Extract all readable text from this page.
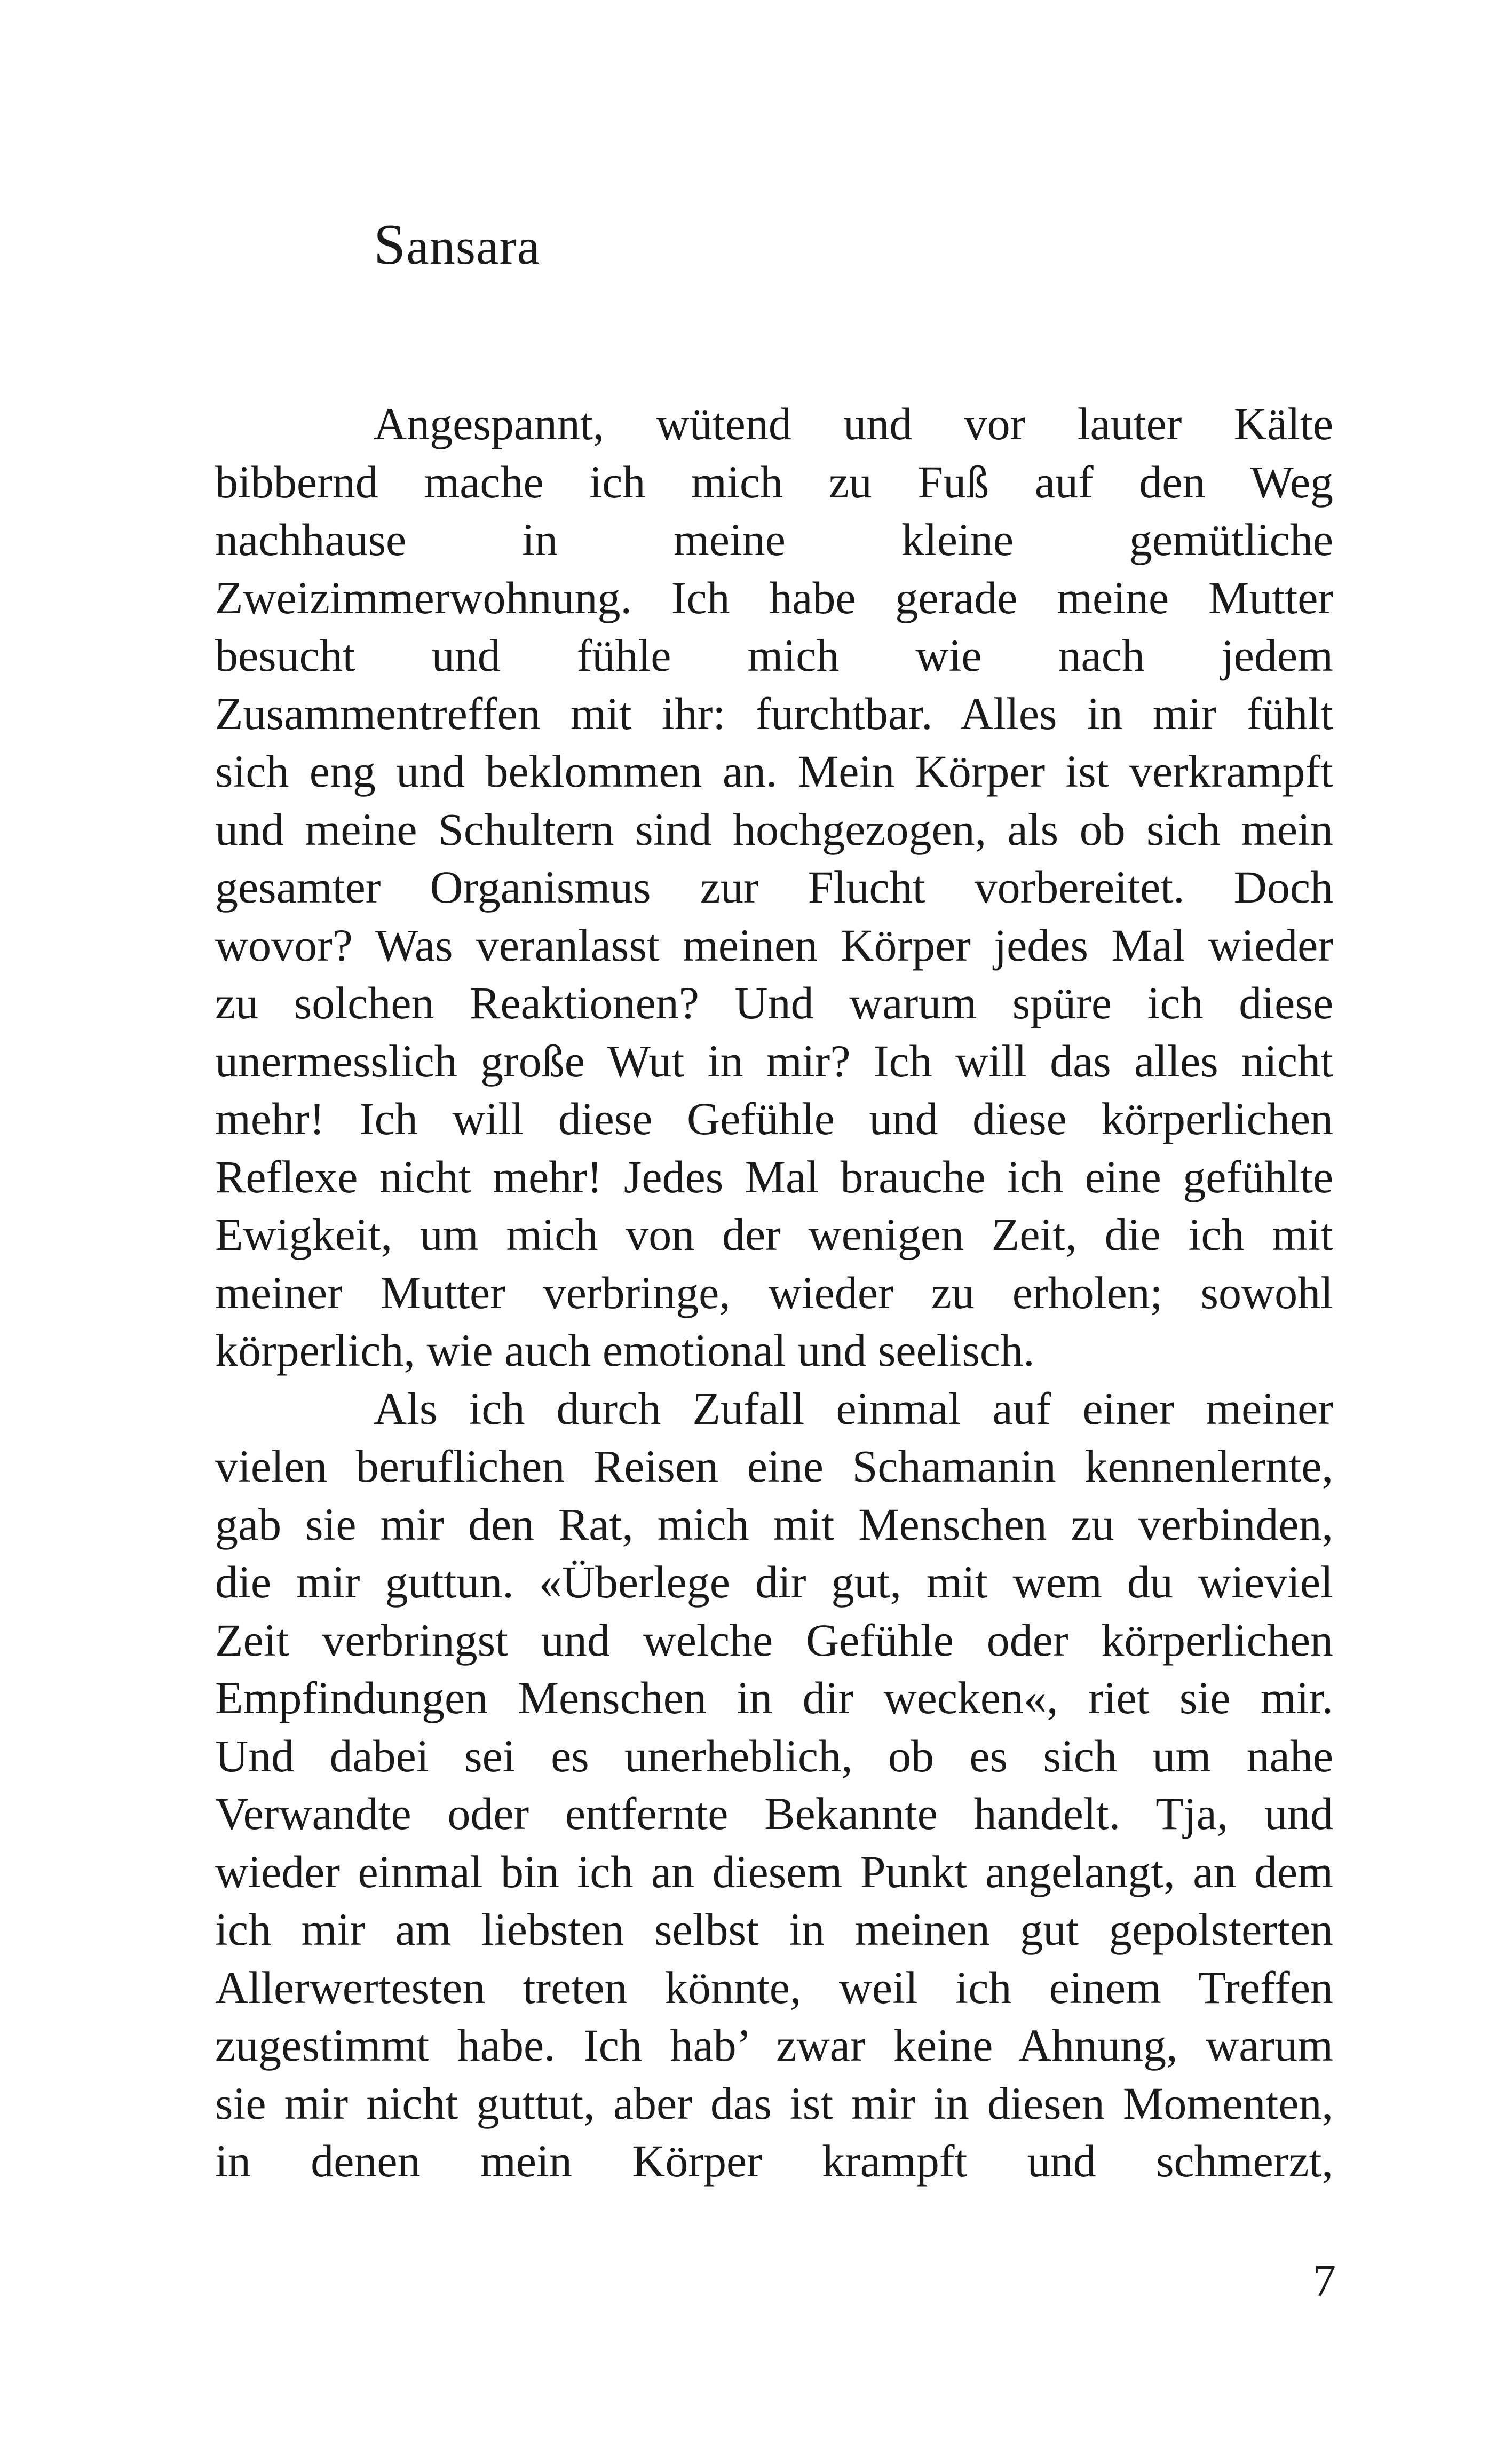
Sansara
Angespannt, wütend und vor lauter Kälte
bibbernd mache ich mich zu Fuß auf den Weg
nachhause in meine kleine gemütliche
Zweizimmerwohnung. Ich habe gerade meine Mutter
besucht und fühle mich wie nach jedem
Zusammentreffen mit ihr: furchtbar. Alles in mir fühlt
sich eng und beklommen an. Mein Körper ist verkrampft
und meine Schultern sind hochgezogen, als ob sich mein
gesamter Organismus zur Flucht vorbereitet. Doch
wovor? Was veranlasst meinen Körper jedes Mal wieder
zu solchen Reaktionen? Und warum spüre ich diese
unermesslich große Wut in mir? Ich will das alles nicht
mehr! Ich will diese Gefühle und diese körperlichen
Reflexe nicht mehr! Jedes Mal brauche ich eine gefühlte
Ewigkeit, um mich von der wenigen Zeit, die ich mit
meiner Mutter verbringe, wieder zu erholen; sowohl
körperlich, wie auch emotional und seelisch.
Als ich durch Zufall einmal auf einer meiner
vielen beruflichen Reisen eine Schamanin kennenlernte,
gab sie mir den Rat, mich mit Menschen zu verbinden,
die mir guttun. «Überlege dir gut, mit wem du wieviel
Zeit verbringst und welche Gefühle oder körperlichen
Empfindungen Menschen in dir wecken«, riet sie mir.
Und dabei sei es unerheblich, ob es sich um nahe
Verwandte oder entfernte Bekannte handelt. Tja, und
wieder einmal bin ich an diesem Punkt angelangt, an dem
ich mir am liebsten selbst in meinen gut gepolsterten
Allerwertesten treten könnte, weil ich einem Treffen
zugestimmt habe. Ich hab’ zwar keine Ahnung, warum
sie mir nicht guttut, aber das ist mir in diesen Momenten,
in denen mein Körper krampft und schmerzt,
7
